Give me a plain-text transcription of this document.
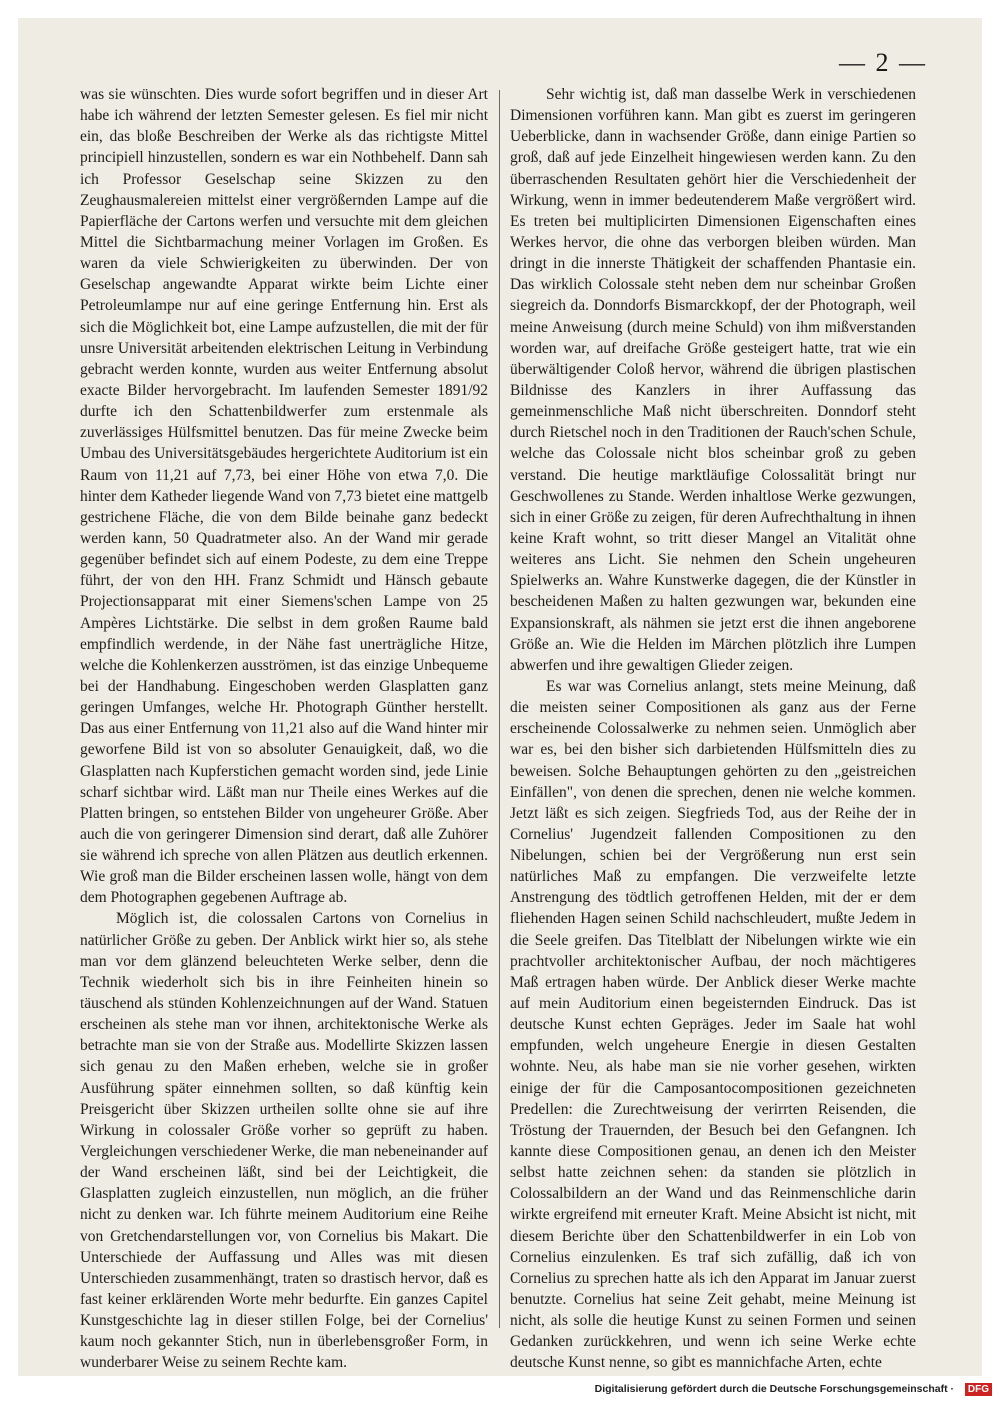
— 2 —

was sie wünschten. Dies wurde sofort begriffen und in dieser Art habe ich während der letzten Semester gelesen. Es fiel mir nicht ein, das bloße Beschreiben der Werke als das richtigste Mittel principiell hinzustellen, sondern es war ein Nothbehelf. Dann sah ich Professor Geselschap seine Skizzen zu den Zeughausmalereien mittelst einer vergrößernden Lampe auf die Papierfläche der Cartons werfen und versuchte mit dem gleichen Mittel die Sichtbarmachung meiner Vorlagen im Großen. Es waren da viele Schwierigkeiten zu überwinden. Der von Geselschap angewandte Apparat wirkte beim Lichte einer Petroleumlampe nur auf eine geringe Entfernung hin. Erst als sich die Möglichkeit bot, eine Lampe aufzustellen, die mit der für unsre Universität arbeitenden elektrischen Leitung in Verbindung gebracht werden konnte, wurden aus weiter Entfernung absolut exacte Bilder hervorgebracht. Im laufenden Semester 1891/92 durfte ich den Schattenbildwerfer zum erstenmale als zuverlässiges Hülfsmittel benutzen. Das für meine Zwecke beim Umbau des Universitätsgebäudes hergerichtete Auditorium ist ein Raum von 11,21 auf 7,73, bei einer Höhe von etwa 7,0. Die hinter dem Katheder liegende Wand von 7,73 bietet eine mattgelb gestrichene Fläche, die von dem Bilde beinahe ganz bedeckt werden kann, 50 Quadratmeter also. An der Wand mir gerade gegenüber befindet sich auf einem Podeste, zu dem eine Treppe führt, der von den HH. Franz Schmidt und Hänsch gebaute Projectionsapparat mit einer Siemens'schen Lampe von 25 Ampères Lichtstärke. Die selbst in dem großen Raume bald empfindlich werdende, in der Nähe fast unerträgliche Hitze, welche die Kohlenkerzen ausströmen, ist das einzige Unbequeme bei der Handhabung. Eingeschoben werden Glasplatten ganz geringen Umfanges, welche Hr. Photograph Günther herstellt. Das aus einer Entfernung von 11,21 also auf die Wand hinter mir geworfene Bild ist von so absoluter Genauigkeit, daß, wo die Glasplatten nach Kupferstichen gemacht worden sind, jede Linie scharf sichtbar wird. Läßt man nur Theile eines Werkes auf die Platten bringen, so entstehen Bilder von ungeheurer Größe. Aber auch die von geringerer Dimension sind derart, daß alle Zuhörer sie während ich spreche von allen Plätzen aus deutlich erkennen. Wie groß man die Bilder erscheinen lassen wolle, hängt von dem dem Photographen gegebenen Auftrage ab.

Möglich ist, die colossalen Cartons von Cornelius in natürlicher Größe zu geben. Der Anblick wirkt hier so, als stehe man vor dem glänzend beleuchteten Werke selber, denn die Technik wiederholt sich bis in ihre Feinheiten hinein so täuschend als stünden Kohlenzeichnungen auf der Wand. Statuen erscheinen als stehe man vor ihnen, architektonische Werke als betrachte man sie von der Straße aus. Modellirte Skizzen lassen sich genau zu den Maßen erheben, welche sie in großer Ausführung später einnehmen sollten, so daß künftig kein Preisgericht über Skizzen urtheilen sollte ohne sie auf ihre Wirkung in colossaler Größe vorher so geprüft zu haben. Vergleichungen verschiedener Werke, die man nebeneinander auf der Wand erscheinen läßt, sind bei der Leichtigkeit, die Glasplatten zugleich einzustellen, nun möglich, an die früher nicht zu denken war. Ich führte meinem Auditorium eine Reihe von Gretchendarstellungen vor, von Cornelius bis Makart. Die Unterschiede der Auffassung und Alles was mit diesen Unterschieden zusammenhängt, traten so drastisch hervor, daß es fast keiner erklärenden Worte mehr bedurfte. Ein ganzes Capitel Kunstgeschichte lag in dieser stillen Folge, bei der Cornelius' kaum noch gekannter Stich, nun in überlebensgroßer Form, in wunderbarer Weise zu seinem Rechte kam.

Sehr wichtig ist, daß man dasselbe Werk in verschiedenen Dimensionen vorführen kann. Man gibt es zuerst im geringeren Ueberblicke, dann in wachsender Größe, dann einige Partien so groß, daß auf jede Einzelheit hingewiesen werden kann. Zu den überraschenden Resultaten gehört hier die Verschiedenheit der Wirkung, wenn in immer bedeutenderem Maße vergrößert wird. Es treten bei multiplicirten Dimensionen Eigenschaften eines Werkes hervor, die ohne das verborgen bleiben würden. Man dringt in die innerste Thätigkeit der schaffenden Phantasie ein. Das wirklich Colossale steht neben dem nur scheinbar Großen siegreich da. Donndorfs Bismarckkopf, der der Photograph, weil meine Anweisung (durch meine Schuld) von ihm mißverstanden worden war, auf dreifache Größe gesteigert hatte, trat wie ein überwältigender Coloß hervor, während die übrigen plastischen Bildnisse des Kanzlers in ihrer Auffassung das gemeinmenschliche Maß nicht überschreiten. Donndorf steht durch Rietschel noch in den Traditionen der Rauch'schen Schule, welche das Colossale nicht blos scheinbar groß zu geben verstand. Die heutige marktläufige Colossalität bringt nur Geschwollenes zu Stande. Werden inhaltlose Werke gezwungen, sich in einer Größe zu zeigen, für deren Aufrechthaltung in ihnen keine Kraft wohnt, so tritt dieser Mangel an Vitalität ohne weiteres ans Licht. Sie nehmen den Schein ungeheuren Spielwerks an. Wahre Kunstwerke dagegen, die der Künstler in bescheidenen Maßen zu halten gezwungen war, bekunden eine Expansionskraft, als nähmen sie jetzt erst die ihnen angeborene Größe an. Wie die Helden im Märchen plötzlich ihre Lumpen abwerfen und ihre gewaltigen Glieder zeigen.

Es war was Cornelius anlangt, stets meine Meinung, daß die meisten seiner Compositionen als ganz aus der Ferne erscheinende Colossalwerke zu nehmen seien. Unmöglich aber war es, bei den bisher sich darbietenden Hülfsmitteln dies zu beweisen. Solche Behauptungen gehörten zu den „geistreichen Einfällen", von denen die sprechen, denen nie welche kommen. Jetzt läßt es sich zeigen. Siegfrieds Tod, aus der Reihe der in Cornelius' Jugendzeit fallenden Compositionen zu den Nibelungen, schien bei der Vergrößerung nun erst sein natürliches Maß zu empfangen. Die verzweifelte letzte Anstrengung des tödtlich getroffenen Helden, mit der er dem fliehenden Hagen seinen Schild nachschleudert, mußte Jedem in die Seele greifen. Das Titelblatt der Nibelungen wirkte wie ein prachtvoller architektonischer Aufbau, der noch mächtigeres Maß ertragen haben würde. Der Anblick dieser Werke machte auf mein Auditorium einen begeisternden Eindruck. Das ist deutsche Kunst echten Gepräges. Jeder im Saale hat wohl empfunden, welch ungeheure Energie in diesen Gestalten wohnte. Neu, als habe man sie nie vorher gesehen, wirkten einige der für die Camposantocompositionen gezeichneten Predellen: die Zurechtweisung der verirrten Reisenden, die Tröstung der Trauernden, der Besuch bei den Gefangnen. Ich kannte diese Compositionen genau, an denen ich den Meister selbst hatte zeichnen sehen: da standen sie plötzlich in Colossalbildern an der Wand und das Reinmenschliche darin wirkte ergreifend mit erneuter Kraft. Meine Absicht ist nicht, mit diesem Berichte über den Schattenbildwerfer in ein Lob von Cornelius einzulenken. Es traf sich zufällig, daß ich von Cornelius zu sprechen hatte als ich den Apparat im Januar zuerst benutzte. Cornelius hat seine Zeit gehabt, meine Meinung ist nicht, als solle die heutige Kunst zu seinen Formen und seinen Gedanken zurückkehren, und wenn ich seine Werke echte deutsche Kunst nenne, so gibt es mannichfache Arten, echte

Digitalisierung gefördert durch die Deutsche Forschungsgemeinschaft ·	DFG
